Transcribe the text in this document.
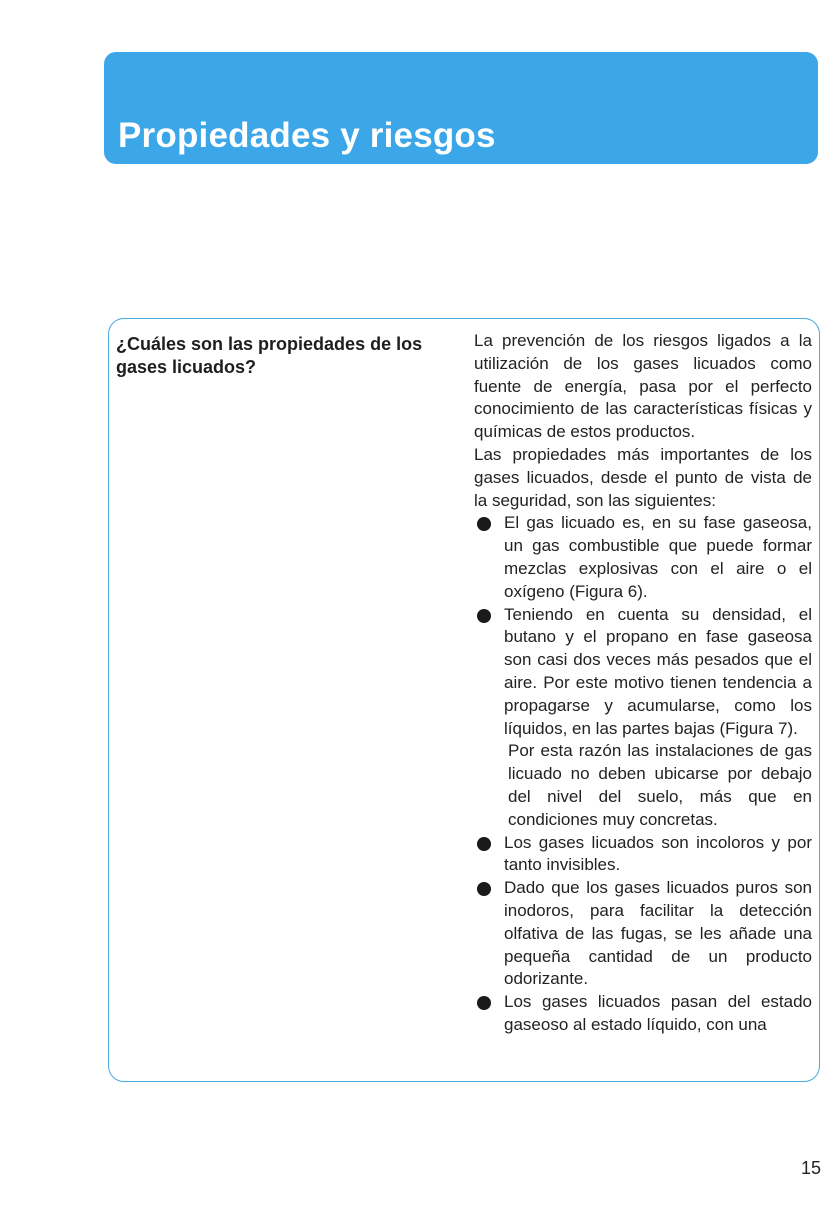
Propiedades y riesgos
¿Cuáles son las propiedades de los gases licuados?

La prevención de los riesgos ligados a la utilización de los gases licuados como fuente de energía, pasa por el perfecto conocimiento de las características físicas y químicas de estos productos.

Las propiedades más importantes de los gases licuados, desde el punto de vista de la seguridad, son las siguientes:

El gas licuado es, en su fase gaseosa, un gas combustible que puede formar mezclas explosivas con el aire o el oxígeno (Figura 6).

Teniendo en cuenta su densidad, el butano y el propano en fase gaseosa son casi dos veces más pesados que el aire. Por este motivo tienen tendencia a propagarse y acumularse, como los líquidos, en las partes bajas (Figura 7).

Por esta razón las instalaciones de gas licuado no deben ubicarse por debajo del nivel del suelo, más que en condiciones muy concretas.

Los gases licuados son incoloros y por tanto invisibles.

Dado que los gases licuados puros son inodoros, para facilitar la detección olfativa de las fugas, se les añade una pequeña cantidad de un producto odorizante.

Los gases licuados pasan del estado gaseoso al estado líquido, con una

15
